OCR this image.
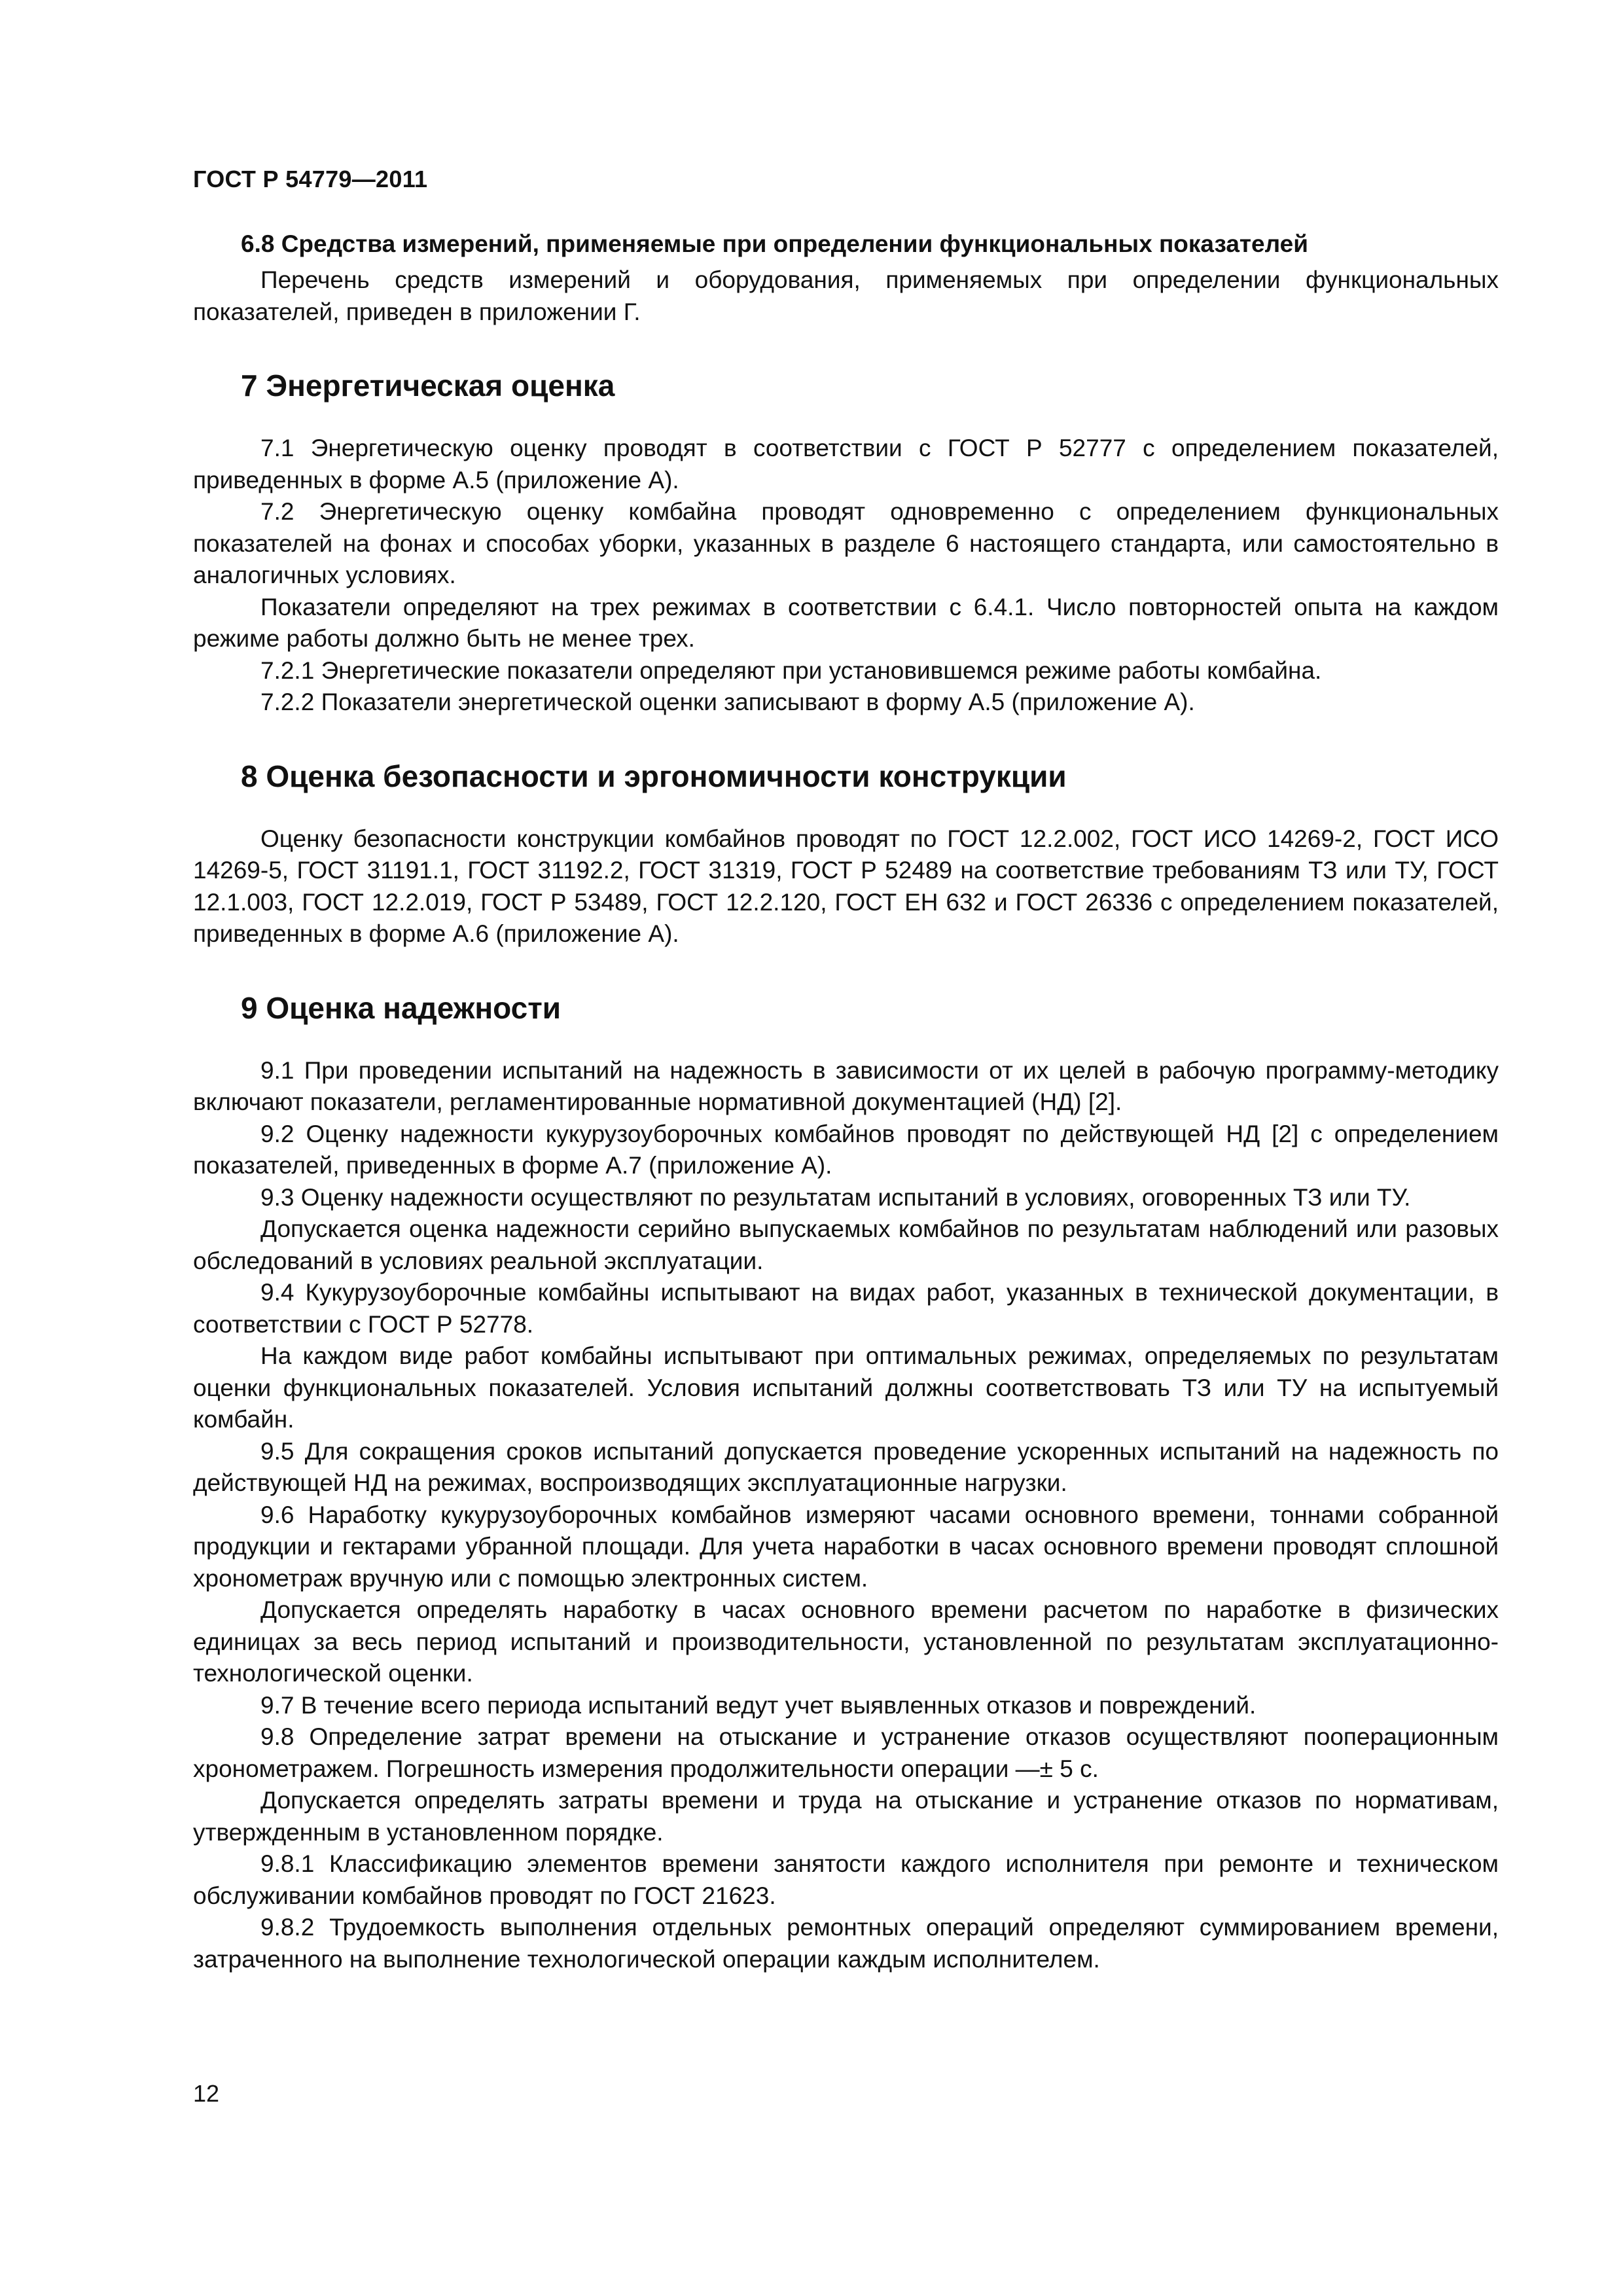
ГОСТ Р 54779—2011

6.8 Средства измерений, применяемые при определении функциональных показателей

Перечень средств измерений и оборудования, применяемых при определении функциональных показателей, приведен в приложении Г.

7 Энергетическая оценка

7.1 Энергетическую оценку проводят в соответствии с ГОСТ Р 52777 с определением показателей, приведенных в форме А.5 (приложение А).

7.2 Энергетическую оценку комбайна проводят одновременно с определением функциональных показателей на фонах и способах уборки, указанных в разделе 6 настоящего стандарта, или самостоятельно в аналогичных условиях.

Показатели определяют на трех режимах в соответствии с 6.4.1. Число повторностей опыта на каждом режиме работы должно быть не менее трех.

7.2.1 Энергетические показатели определяют при установившемся режиме работы комбайна.

7.2.2 Показатели энергетической оценки записывают в форму А.5 (приложение А).

8 Оценка безопасности и эргономичности конструкции

Оценку безопасности конструкции комбайнов проводят по ГОСТ 12.2.002, ГОСТ ИСО 14269-2, ГОСТ ИСО 14269-5, ГОСТ 31191.1, ГОСТ 31192.2, ГОСТ 31319, ГОСТ Р 52489 на соответствие требованиям ТЗ или ТУ, ГОСТ 12.1.003, ГОСТ 12.2.019, ГОСТ Р 53489, ГОСТ 12.2.120, ГОСТ ЕН 632 и ГОСТ 26336 с определением показателей, приведенных в форме А.6 (приложение А).

9 Оценка надежности

9.1 При проведении испытаний на надежность в зависимости от их целей в рабочую программу-методику включают показатели, регламентированные нормативной документацией (НД) [2].

9.2 Оценку надежности кукурузоуборочных комбайнов проводят по действующей НД [2] с определением показателей, приведенных в форме А.7 (приложение А).

9.3 Оценку надежности осуществляют по результатам испытаний в условиях, оговоренных ТЗ или ТУ.

Допускается оценка надежности серийно выпускаемых комбайнов по результатам наблюдений или разовых обследований в условиях реальной эксплуатации.

9.4 Кукурузоуборочные комбайны испытывают на видах работ, указанных в технической документации, в соответствии с ГОСТ Р 52778.

На каждом виде работ комбайны испытывают при оптимальных режимах, определяемых по результатам оценки функциональных показателей. Условия испытаний должны соответствовать ТЗ или ТУ на испытуемый комбайн.

9.5 Для сокращения сроков испытаний допускается проведение ускоренных испытаний на надежность по действующей НД на режимах, воспроизводящих эксплуатационные нагрузки.

9.6 Наработку кукурузоуборочных комбайнов измеряют часами основного времени, тоннами собранной продукции и гектарами убранной площади. Для учета наработки в часах основного времени проводят сплошной хронометраж вручную или с помощью электронных систем.

Допускается определять наработку в часах основного времени расчетом по наработке в физических единицах за весь период испытаний и производительности, установленной по результатам эксплуатационно-технологической оценки.

9.7 В течение всего периода испытаний ведут учет выявленных отказов и повреждений.

9.8 Определение затрат времени на отыскание и устранение отказов осуществляют пооперационным хронометражем. Погрешность измерения продолжительности операции —± 5 с.

Допускается определять затраты времени и труда на отыскание и устранение отказов по нормативам, утвержденным в установленном порядке.

9.8.1 Классификацию элементов времени занятости каждого исполнителя при ремонте и техническом обслуживании комбайнов проводят по ГОСТ 21623.

9.8.2 Трудоемкость выполнения отдельных ремонтных операций определяют суммированием времени, затраченного на выполнение технологической операции каждым исполнителем.

12
